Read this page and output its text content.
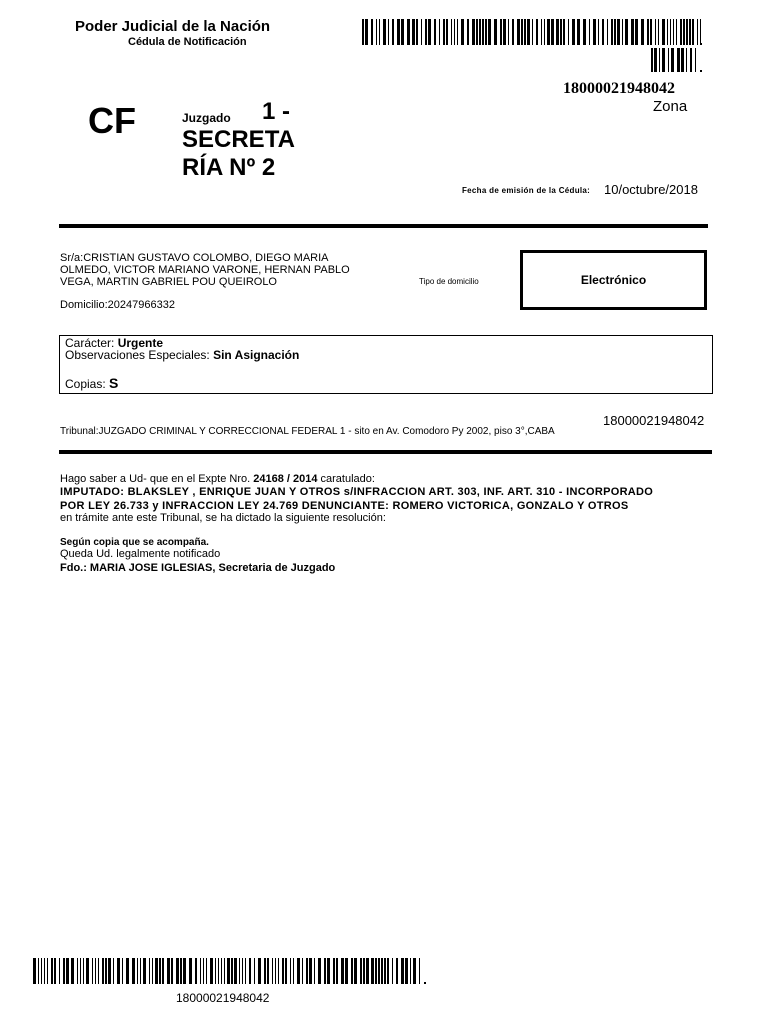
Poder Judicial de la Nación
Cédula de Notificación
18000021948042
Zona
CF	Juzgado 1 -
SECRETA
RÍA Nº 2
Fecha de emisión de la Cédula: 10/octubre/2018
Sr/a:CRISTIAN GUSTAVO COLOMBO, DIEGO MARIA
OLMEDO, VICTOR MARIANO VARONE, HERNAN PABLO
VEGA, MARTIN GABRIEL POU QUEIROLO	Tipo de domicilio	Electrónico
Domicilio:20247966332
Carácter: Urgente
Observaciones Especiales: Sin Asignación
Copias: S
18000021948042
Tribunal:JUZGADO CRIMINAL Y CORRECCIONAL FEDERAL 1 - sito en Av. Comodoro Py 2002, piso 3°,CABA
Hago saber a Ud- que en el Expte Nro. 24168 / 2014 caratulado:
IMPUTADO: BLAKSLEY , ENRIQUE JUAN Y OTROS s/INFRACCION ART. 303, INF. ART. 310 - INCORPORADO
POR LEY 26.733 y INFRACCION LEY 24.769 DENUNCIANTE: ROMERO VICTORICA, GONZALO Y OTROS
en trámite ante este Tribunal, se ha dictado la siguiente resolución:
Según copia que se acompaña.
Queda Ud. legalmente notificado
Fdo.: MARIA JOSE IGLESIAS, Secretaria de Juzgado
18000021948042
